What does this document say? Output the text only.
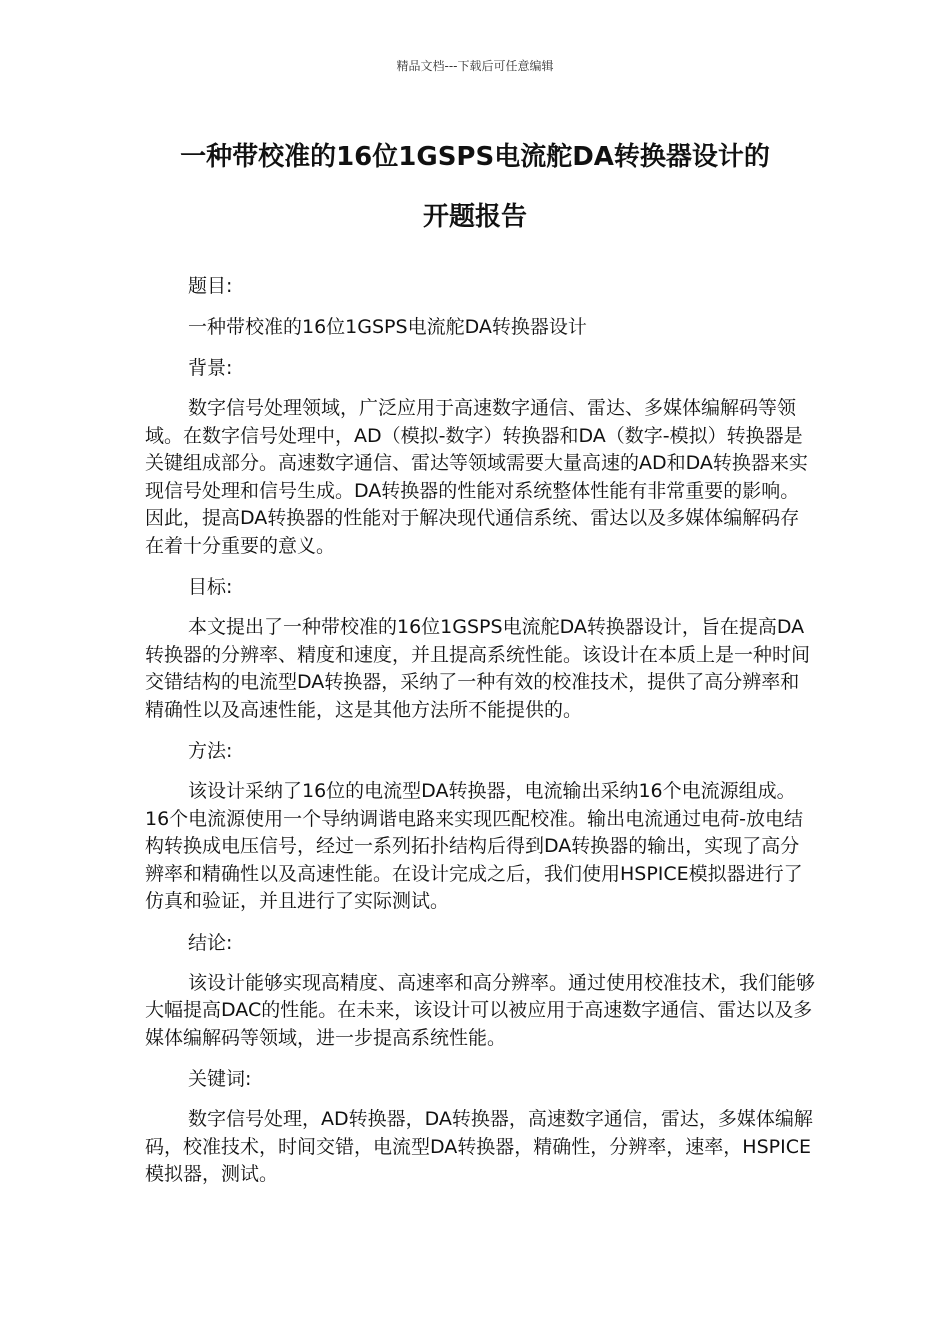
精品文档---下载后可任意编辑
一种带校准的16位1GSPS电流舵DA转换器设计的
开题报告

题目:

一种带校准的16位1GSPS电流舵DA转换器设计

背景:

数字信号处理领域，广泛应用于高速数字通信、雷达、多媒体编解码等领域。在数字信号处理中，AD（模拟-数字）转换器和DA（数字-模拟）转换器是关键组成部分。高速数字通信、雷达等领域需要大量高速的AD和DA转换器来实现信号处理和信号生成。DA转换器的性能对系统整体性能有非常重要的影响。因此，提高DA转换器的性能对于解决现代通信系统、雷达以及多媒体编解码存在着十分重要的意义。

目标:

本文提出了一种带校准的16位1GSPS电流舵DA转换器设计，旨在提高DA转换器的分辨率、精度和速度，并且提高系统性能。该设计在本质上是一种时间交错结构的电流型DA转换器，采纳了一种有效的校准技术，提供了高分辨率和精确性以及高速性能，这是其他方法所不能提供的。

方法:

该设计采纳了16位的电流型DA转换器，电流输出采纳16个电流源组成。16个电流源使用一个导纳调谐电路来实现匹配校准。输出电流通过电荷-放电结构转换成电压信号，经过一系列拓扑结构后得到DA转换器的输出，实现了高分辨率和精确性以及高速性能。在设计完成之后，我们使用HSPICE模拟器进行了仿真和验证，并且进行了实际测试。

结论:

该设计能够实现高精度、高速率和高分辨率。通过使用校准技术，我们能够大幅提高DAC的性能。在未来，该设计可以被应用于高速数字通信、雷达以及多媒体编解码等领域，进一步提高系统性能。

关键词:

数字信号处理，AD转换器，DA转换器，高速数字通信，雷达，多媒体编解码，校准技术，时间交错，电流型DA转换器，精确性，分辨率，速率，HSPICE模拟器，测试。
